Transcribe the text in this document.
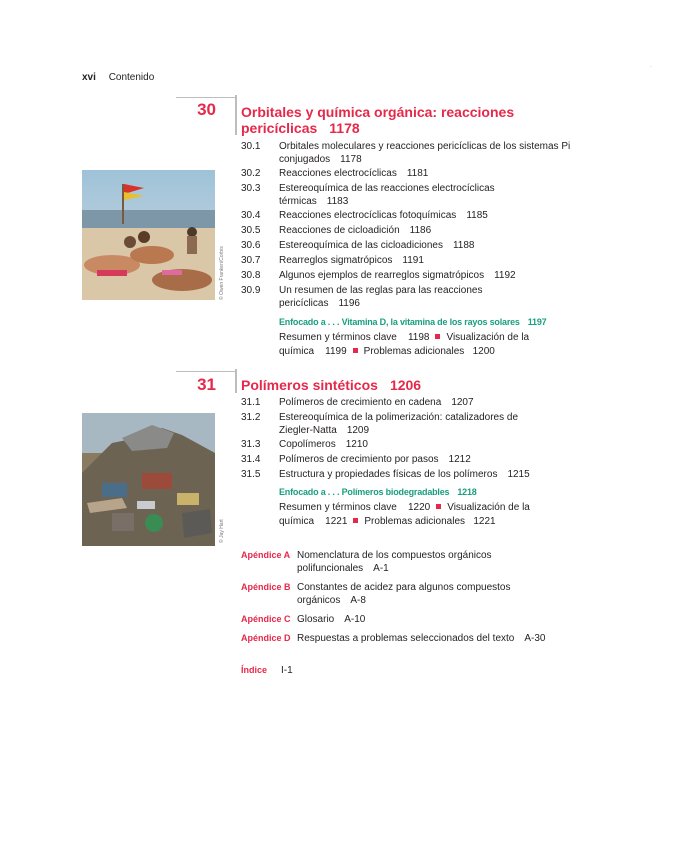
xvi Contenido
·
30 Orbitales y química orgánica: reacciones pericíclicas 1178
© Owen Franken/Corbis
30.1	Orbitales moleculares y reacciones pericíclicas de los sistemas Pi conjugados 1178
30.2	Reacciones electrocíclicas 1181
30.3	Estereoquímica de las reacciones electrocíclicas térmicas 1183
30.4	Reacciones electrocíclicas fotoquímicas 1185
30.5	Reacciones de cicloadición 1186
30.6	Estereoquímica de las cicloadiciones 1188
30.7	Rearreglos sigmatrópicos 1191
30.8	Algunos ejemplos de rearreglos sigmatrópicos 1192
30.9	Un resumen de las reglas para las reacciones pericíclicas 1196
Enfocado a . . . Vitamina D, la vitamina de los rayos solares 1197
Resumen y términos clave 1198 Visualización de la química 1199 Problemas adicionales 1200
31 Polímeros sintéticos 1206
© Jay Hart
31.1	Polímeros de crecimiento en cadena 1207
31.2	Estereoquímica de la polimerización: catalizadores de Ziegler-Natta 1209
31.3	Copolímeros 1210
31.4	Polímeros de crecimiento por pasos 1212
31.5	Estructura y propiedades físicas de los polímeros 1215
Enfocado a . . . Polímeros biodegradables 1218
Resumen y términos clave 1220 Visualización de la química 1221 Problemas adicionales 1221
Apéndice A Nomenclatura de los compuestos orgánicos polifuncionales A-1
Apéndice B Constantes de acidez para algunos compuestos orgánicos A-8
Apéndice C Glosario A-10
Apéndice D Respuestas a problemas seleccionados del texto A-30
Índice I-1
